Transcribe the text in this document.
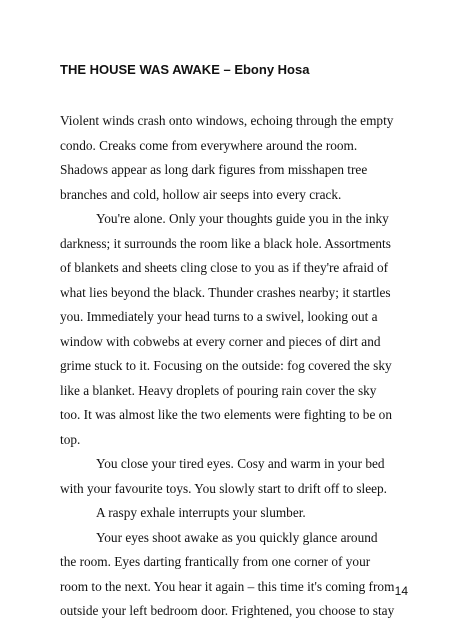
THE HOUSE WAS AWAKE – Ebony Hosa
Violent winds crash onto windows, echoing through the empty
condo. Creaks come from everywhere around the room.
Shadows appear as long dark figures from misshapen tree
branches and cold, hollow air seeps into every crack.
You're alone. Only your thoughts guide you in the inky
darkness; it surrounds the room like a black hole. Assortments
of blankets and sheets cling close to you as if they're afraid of
what lies beyond the black. Thunder crashes nearby; it startles
you. Immediately your head turns to a swivel, looking out a
window with cobwebs at every corner and pieces of dirt and
grime stuck to it. Focusing on the outside: fog covered the sky
like a blanket. Heavy droplets of pouring rain cover the sky
too. It was almost like the two elements were fighting to be on
top.
You close your tired eyes. Cosy and warm in your bed
with your favourite toys. You slowly start to drift off to sleep.
A raspy exhale interrupts your slumber.
Your eyes shoot awake as you quickly glance around
the room. Eyes darting frantically from one corner of your
room to the next. You hear it again – this time it's coming from
outside your left bedroom door. Frightened, you choose to stay
14
